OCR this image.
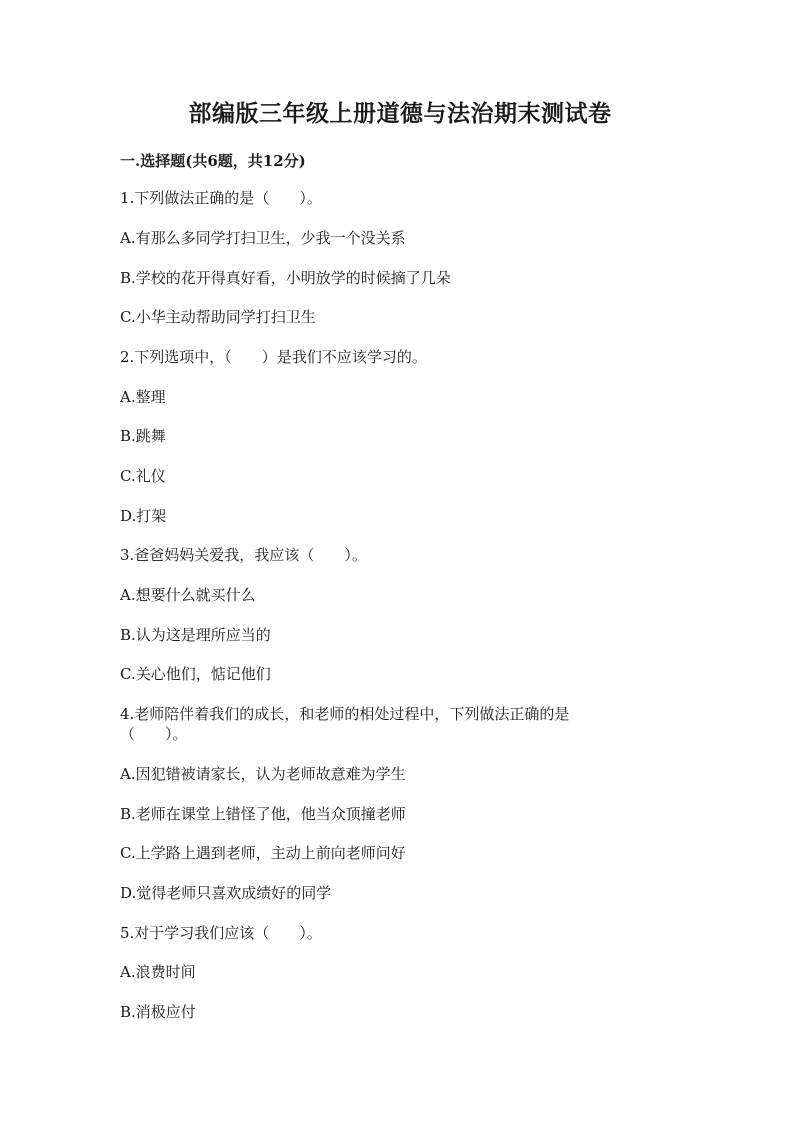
部编版三年级上册道德与法治期末测试卷
一.选择题(共6题，共12分)
1.下列做法正确的是（　　）。
A.有那么多同学打扫卫生，少我一个没关系
B.学校的花开得真好看，小明放学的时候摘了几朵
C.小华主动帮助同学打扫卫生
2.下列选项中，（　　）是我们不应该学习的。
A.整理
B.跳舞
C.礼仪
D.打架
3.爸爸妈妈关爱我，我应该（　　）。
A.想要什么就买什么
B.认为这是理所应当的
C.关心他们，惦记他们
4.老师陪伴着我们的成长，和老师的相处过程中，下列做法正确的是
（　　）。
A.因犯错被请家长，认为老师故意难为学生
B.老师在课堂上错怪了他，他当众顶撞老师
C.上学路上遇到老师，主动上前向老师问好
D.觉得老师只喜欢成绩好的同学
5.对于学习我们应该（　　）。
A.浪费时间
B.消极应付
